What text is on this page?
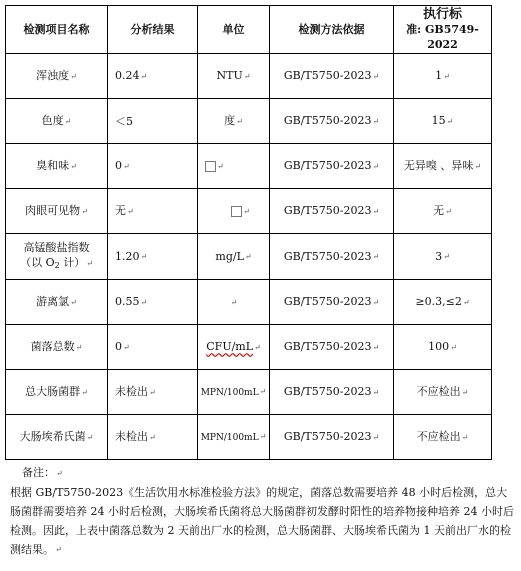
检测项目名称	分析结果	单位	检测方法依据	执行标
准: GB5749-2022

浑浊度↵	0.24↵	NTU↵	GB/T5750-2023↵	1↵
色度↵	＜5	度↵	GB/T5750-2023↵	15↵
臭和味↵	0↵	↵	GB/T5750-2023↵	无异嗅 、异味↵
肉眼可见物↵	无↵	↵	GB/T5750-2023↵	无↵

高锰酸盐指数
（以 $O_2$ 计）↵	1.20↵	mg/L↵	GB/T5750-2023↵	3↵
游离氯↵	0.55↵	↵	GB/T5750-2023↵	≥0.3,≤2↵
菌落总数↵	0↵	CFU/mL↵	GB/T5750-2023↵	100↵
总大肠菌群↵	未检出↵	MPN/100mL↵	GB/T5750-2023↵	不应检出↵
大肠埃希氏菌↵	未检出↵	MPN/100mL↵	GB/T5750-2023↵	不应检出↵
备注：↵
根据 GB/T5750-2023《生活饮用水标准检验方法》的规定，菌落总数需要培养 48 小时后检测，总大肠菌群需要培养 24 小时后检测，大肠埃希氏菌将总大肠菌群初发酵时阳性的培养物接种培养 24 小时后检测。因此，上表中菌落总数为 2 天前出厂水的检测，总大肠菌群、大肠埃希氏菌为 1 天前出厂水的检测结果。↵
